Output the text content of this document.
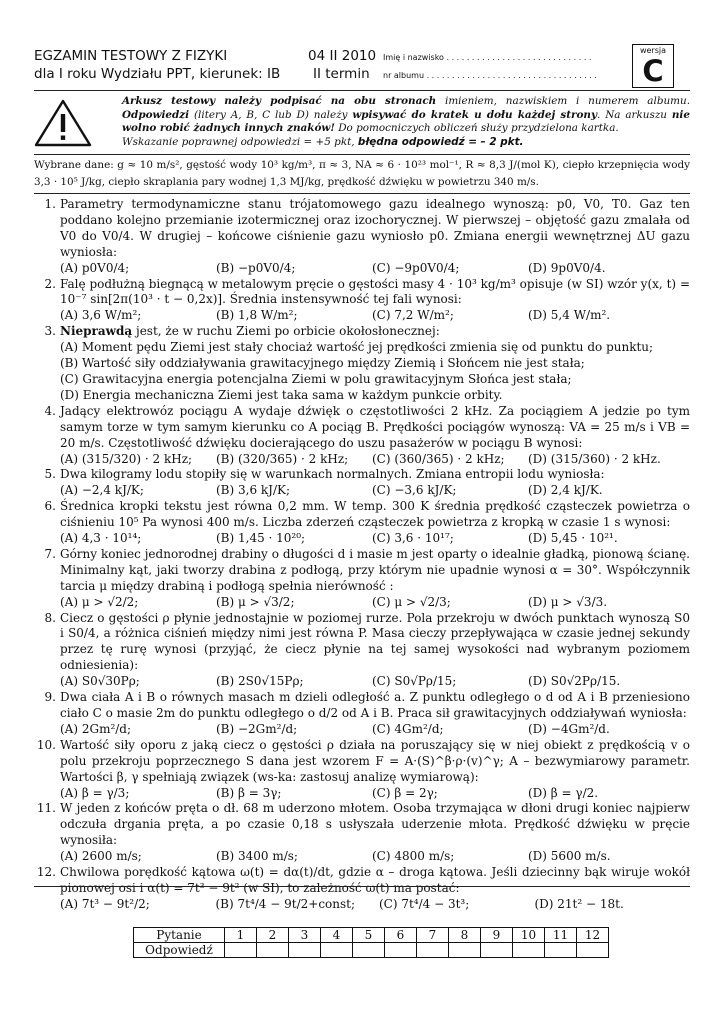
EGZAMIN TESTOWY Z FIZYKI
dla I roku Wydziału PPT, kierunek: IB
04 II 2010
II termin
Imię i nazwisko . . . . . . . . . . . . . . . . . . . . . . . . . . . . .
nr albumu . . . . . . . . . . . . . . . . . . . . . . . . . . . . . . . . . .
wersja
C
Arkusz testowy należy podpisać na obu stronach imieniem, nazwiskiem i numerem albumu. Odpowiedzi (litery A, B, C lub D) należy wpisywać do kratek u dołu każdej strony. Na arkuszu nie wolno robić żadnych innych znaków! Do pomocniczych obliczeń służy przydzielona kartka.
Wskazanie poprawnej odpowiedzi = +5 pkt, błędna odpowiedź = – 2 pkt.
Wybrane dane: g ≈ 10 m/s², gęstość wody 10³ kg/m³, π ≈ 3, NA ≈ 6 · 10²³ mol⁻¹, R ≈ 8,3 J/(mol K), ciepło krzepnięcia wody 3,3 · 10⁵ J/kg, ciepło skraplania pary wodnej 1,3 MJ/kg, prędkość dźwięku w powietrzu 340 m/s.
1. Parametry termodynamiczne stanu trójatomowego gazu idealnego wynoszą: p0, V0, T0. Gaz ten poddano kolejno przemianie izotermicznej oraz izochorycznej. W pierwszej – objętość gazu zmalała od V0 do V0/4. W drugiej – końcowe ciśnienie gazu wyniosło p0. Zmiana energii wewnętrznej ΔU gazu wyniosła:
(A) p0V0/4;	(B) −p0V0/4;	(C) −9p0V0/4;	(D) 9p0V0/4.
2. Falę podłużną biegnącą w metalowym pręcie o gęstości masy 4 · 10³ kg/m³ opisuje (w SI) wzór y(x, t) = 10⁻⁷ sin[2π(10³ · t − 0,2x)]. Średnia instensywność tej fali wynosi:
(A) 3,6 W/m²;	(B) 1,8 W/m²;	(C) 7,2 W/m²;	(D) 5,4 W/m².
3. Nieprawdą jest, że w ruchu Ziemi po orbicie okołosłonecznej:
(A) Moment pędu Ziemi jest stały chociaż wartość jej prędkości zmienia się od punktu do punktu;
(B) Wartość siły oddziaływania grawitacyjnego między Ziemią i Słońcem nie jest stała;
(C) Grawitacyjna energia potencjalna Ziemi w polu grawitacyjnym Słońca jest stała;
(D) Energia mechaniczna Ziemi jest taka sama w każdym punkcie orbity.
4. Jadący elektrowóz pociągu A wydaje dźwięk o częstotliwości 2 kHz. Za pociągiem A jedzie po tym samym torze w tym samym kierunku co A pociąg B. Prędkości pociągów wynoszą: VA = 25 m/s i VB = 20 m/s. Częstotliwość dźwięku docierającego do uszu pasażerów w pociągu B wynosi:
(A) (315/320) · 2 kHz;	(B) (320/365) · 2 kHz;	(C) (360/365) · 2 kHz;	(D) (315/360) · 2 kHz.
5. Dwa kilogramy lodu stopiły się w warunkach normalnych. Zmiana entropii lodu wyniosła:
(A) −2,4 kJ/K;	(B) 3,6 kJ/K;	(C) −3,6 kJ/K;	(D) 2,4 kJ/K.
6. Średnica kropki tekstu jest równa 0,2 mm. W temp. 300 K średnia prędkość cząsteczek powietrza o ciśnieniu 10⁵ Pa wynosi 400 m/s. Liczba zderzeń cząsteczek powietrza z kropką w czasie 1 s wynosi:
(A) 4,3 · 10¹⁴;	(B) 1,45 · 10²⁰;	(C) 3,6 · 10¹⁷;	(D) 5,45 · 10²¹.
7. Górny koniec jednorodnej drabiny o długości d i masie m jest oparty o idealnie gładką, pionową ścianę. Minimalny kąt, jaki tworzy drabina z podłogą, przy którym nie upadnie wynosi α = 30°. Współczynnik tarcia μ między drabiną i podłogą spełnia nierówność :
(A) μ > √2/2;	(B) μ > √3/2;	(C) μ > √2/3;	(D) μ > √3/3.
8. Ciecz o gęstości ρ płynie jednostajnie w poziomej rurze. Pola przekroju w dwóch punktach wynoszą S0 i S0/4, a różnica ciśnień między nimi jest równa P. Masa cieczy przepływająca w czasie jednej sekundy przez tę rurę wynosi (przyjąć, że ciecz płynie na tej samej wysokości nad wybranym poziomem odniesienia):
(A) S0√30Pρ;	(B) 2S0√15Pρ;	(C) S0√Pρ/15;	(D) S0√2Pρ/15.
9. Dwa ciała A i B o równych masach m dzieli odległość a. Z punktu odległego o d od A i B przeniesiono ciało C o masie 2m do punktu odległego o d/2 od A i B. Praca sił grawitacyjnych oddziaływań wyniosła:
(A) 2Gm²/d;	(B) −2Gm²/d;	(C) 4Gm²/d;	(D) −4Gm²/d.
10. Wartość siły oporu z jaką ciecz o gęstości ρ działa na poruszający się w niej obiekt z prędkością v o polu przekroju poprzecznego S dana jest wzorem F = A·(S)^β·ρ·(v)^γ; A – bezwymiarowy parametr. Wartości β, γ spełniają związek (ws-ka: zastosuj analizę wymiarową):
(A) β = γ/3;	(B) β = 3γ;	(C) β = 2γ;	(D) β = γ/2.
11. W jeden z końców pręta o dł. 68 m uderzono młotem. Osoba trzymająca w dłoni drugi koniec najpierw odczuła drgania pręta, a po czasie 0,18 s usłyszała uderzenie młota. Prędkość dźwięku w pręcie wynosiła:
(A) 2600 m/s;	(B) 3400 m/s;	(C) 4800 m/s;	(D) 5600 m/s.
12. Chwilowa porędkość kątowa ω(t) = dα(t)/dt, gdzie α – droga kątowa. Jeśli dziecinny bąk wiruje wokół pionowej osi i α(t) = 7t³ − 9t² (w SI), to zależność ω(t) ma postać:
(A) 7t³ − 9t²/2;	(B) 7t⁴/4 − 9t/2+const;	(C) 7t⁴/4 − 3t³;	(D) 21t² − 18t.
Pytanie	1	2	3	4	5	6	7	8	9	10	11	12
Odpowiedź												
